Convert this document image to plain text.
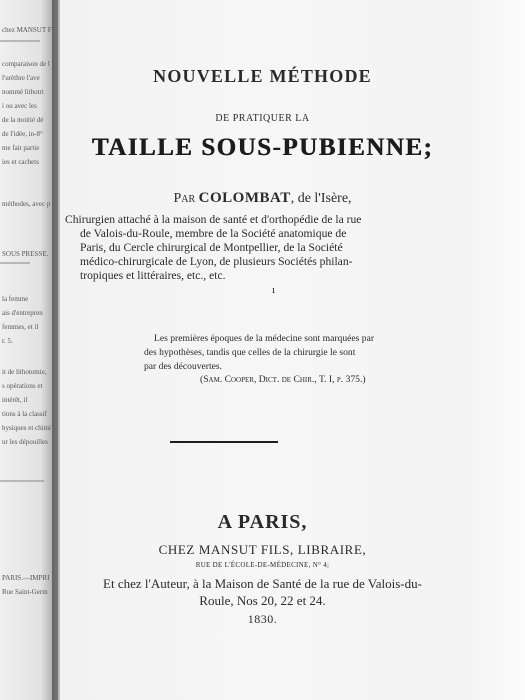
chez MANSUT F
comparaison de l
l'urèthre l'ave
nommé lithotri
i ou avec les
de la moitié dé
de l'idée, in-8°
me fait partie
ies et cachets
méthodes, avec p
SOUS PRESSE.
la femme
ais d'entrepren
femmes, et il
r. 5.
it de lithotomie,
s opérations et
intérêt, il
tions à la classif
hysiques et chimi
ur les dépouilles
PARIS.—IMPRI
Rue Saint-Germ
NOUVELLE MÉTHODE
DE PRATIQUER LA
TAILLE SOUS-PUBIENNE;
Par COLOMBAT, de l'Isère,
Chirurgien attaché à la maison de santé et d'orthopédie de la rue
de Valois-du-Roule, membre de la Société anatomique de
Paris, du Cercle chirurgical de Montpellier, de la Société
médico-chirurgicale de Lyon, de plusieurs Sociétés philan-
tropiques et littéraires, etc., etc.
ı
Les premières époques de la médecine sont marquées par
des hypothèses, tandis que celles de la chirurgie le sont
par des découvertes.
(Sam. Cooper, Dict. de Chir., T. I, p. 375.)
A PARIS,
CHEZ MANSUT FILS, LIBRAIRE,
RUE DE L'ÉCOLE-DE-MÉDECINE, N° 4;
Et chez l'Auteur, à la Maison de Santé de la rue de Valois-du-
Roule, Nos 20, 22 et 24.
1830.
